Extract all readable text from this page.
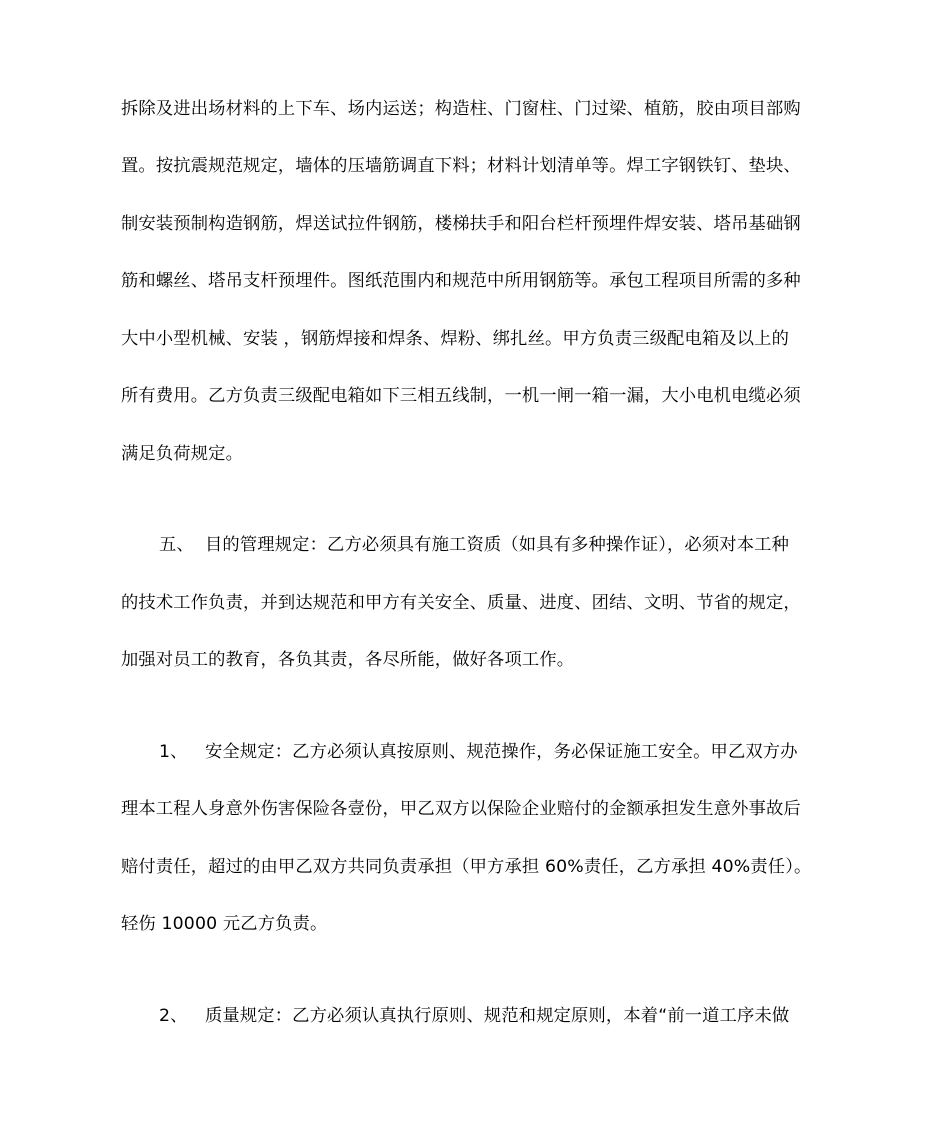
拆除及进出场材料的上下车、场内运送；构造柱、门窗柱、门过梁、植筋，胶由项目部购
置。按抗震规范规定，墙体的压墙筋调直下料；材料计划清单等。焊工字钢铁钉、垫块、
制安装预制构造钢筋，焊送试拉件钢筋，楼梯扶手和阳台栏杆预埋件焊安装、塔吊基础钢
筋和螺丝、塔吊支杆预埋件。图纸范围内和规范中所用钢筋等。承包工程项目所需的多种
大中小型机械、安装 ，钢筋焊接和焊条、焊粉、绑扎丝。甲方负责三级配电箱及以上的
所有费用。乙方负责三级配电箱如下三相五线制，一机一闸一箱一漏，大小电机电缆必须
满足负荷规定。
五、 目的管理规定：乙方必须具有施工资质（如具有多种操作证），必须对本工种
的技术工作负责，并到达规范和甲方有关安全、质量、进度、团结、文明、节省的规定，
加强对员工的教育，各负其责，各尽所能，做好各项工作。
1、 安全规定：乙方必须认真按原则、规范操作，务必保证施工安全。甲乙双方办
理本工程人身意外伤害保险各壹份，甲乙双方以保险企业赔付的金额承担发生意外事故后
赔付责任，超过的由甲乙双方共同负责承担（甲方承担 60%责任，乙方承担 40%责任）。
轻伤 10000 元乙方负责。
2、 质量规定：乙方必须认真执行原则、规范和规定原则，本着“前一道工序未做
